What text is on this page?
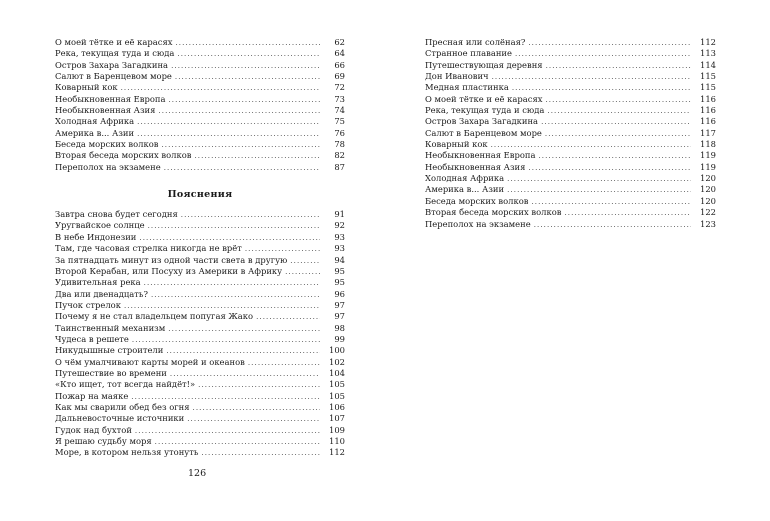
О моей тётке и её карасях .....	62
Река, текущая туда и сюда .....	64
Остров Захара Загадкина .....	66
Салют в Баренцевом море .....	69
Коварный кок .....	72
Необыкновенная Европа .....	73
Необыкновенная Азия .....	74
Холодная Африка .....	75
Америка в... Азии .....	76
Беседа морских волков .....	78
Вторая беседа морских волков .....	82
Переполох на экзамене .....	87
Пояснения
Завтра снова будет сегодня .....	91
Уругвайское солнце .....	92
В небе Индонезии .....	93
Там, где часовая стрелка никогда не врёт .....	93
За пятнадцать минут из одной части света в другую .....	94
Второй Керабан, или Посуху из Америки в Африку .....	95
Удивительная река .....	95
Два или двенадцать? .....	96
Пучок стрелок .....	97
Почему я не стал владельцем попугая Жако .....	97
Таинственный механизм .....	98
Чудеса в решете .....	99
Никудышные строители .....	100
О чём умалчивают карты морей и океанов .....	102
Путешествие во времени .....	104
«Кто ищет, тот всегда найдёт!» .....	105
Пожар на маяке .....	105
Как мы сварили обед без огня .....	106
Дальневосточные источники .....	107
Гудок над бухтой .....	109
Я решаю судьбу моря .....	110
Море, в котором нельзя утонуть .....	112
126
Пресная или солёная? .....	112
Странное плавание .....	113
Путешествующая деревня .....	114
Дон Иванович .....	115
Медная пластинка .....	115
О моей тётке и её карасях .....	116
Река, текущая туда и сюда .....	116
Остров Захара Загадкина .....	116
Салют в Баренцевом море .....	117
Коварный кок .....	118
Необыкновенная Европа .....	119
Необыкновенная Азия .....	119
Холодная Африка .....	120
Америка в... Азии .....	120
Беседа морских волков .....	120
Вторая беседа морских волков .....	122
Переполох на экзамене .....	123
